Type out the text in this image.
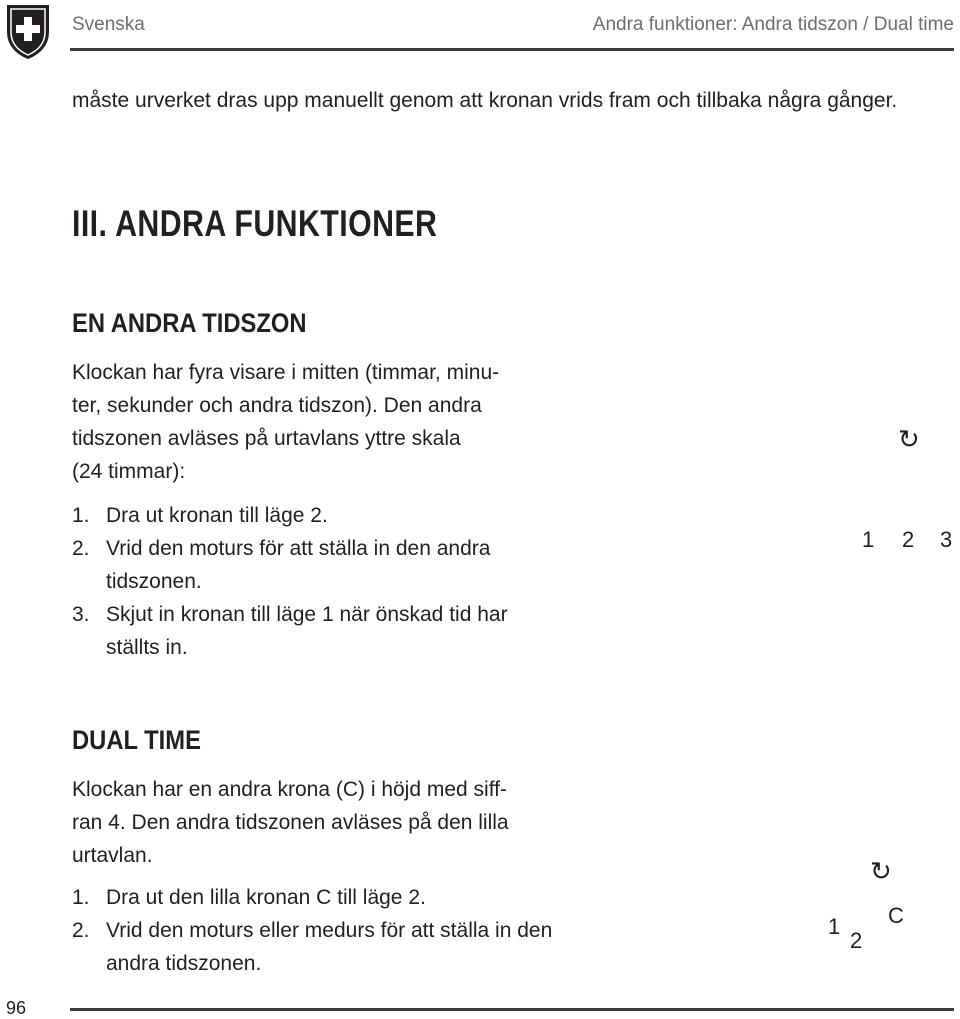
Svenska	Andra funktioner: Andra tidszon / Dual time
måste urverket dras upp manuellt genom att kronan vrids fram och tillbaka några gånger.
III. ANDRA FUNKTIONER
EN ANDRA TIDSZON
Klockan har fyra visare i mitten (timmar, minu-
ter, sekunder och andra tidszon). Den andra
tidszonen avläses på urtavlans yttre skala
(24 timmar):
1. Dra ut kronan till läge 2.
2. Vrid den moturs för att ställa in den andra tidszonen.
3. Skjut in kronan till läge 1 när önskad tid har ställts in.
↻
1 2 3
DUAL TIME
Klockan har en andra krona (C) i höjd med siff-
ran 4. Den andra tidszonen avläses på den lilla
urtavlan.
1. Dra ut den lilla kronan C till läge 2.
2. Vrid den moturs eller medurs för att ställa in den andra tidszonen.
↻
1
2
C
96
